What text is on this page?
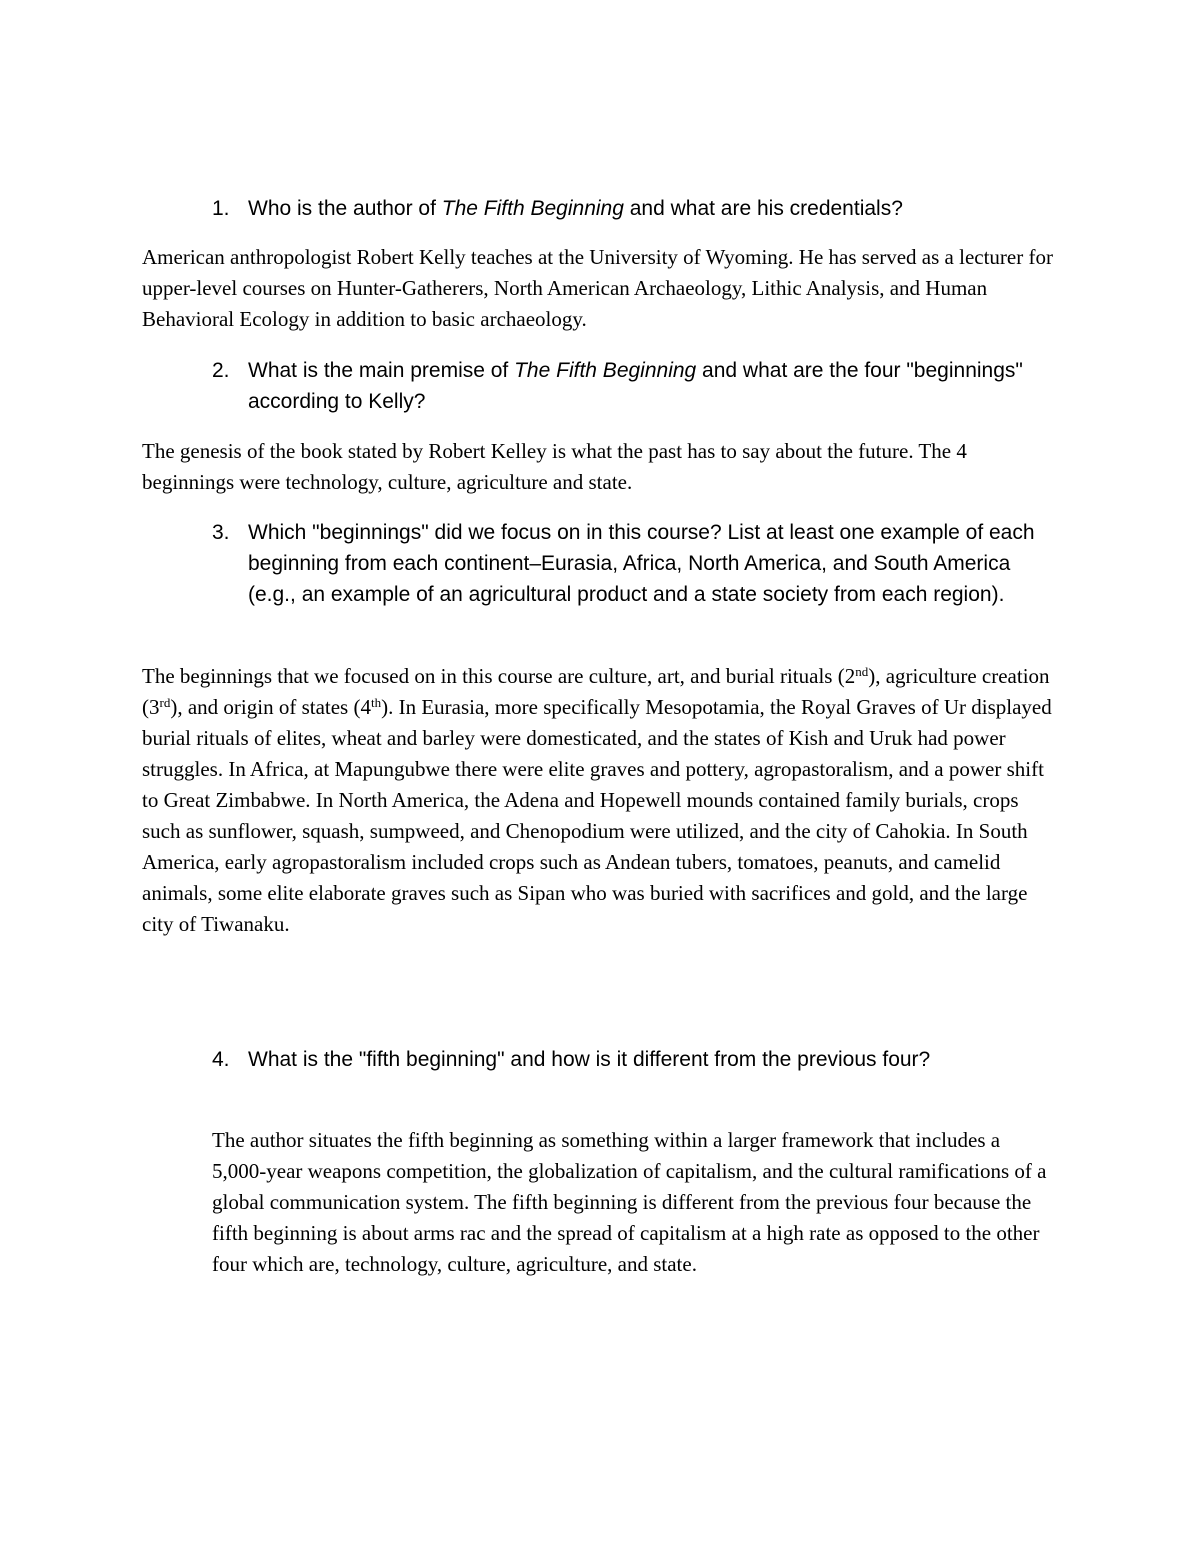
1. Who is the author of The Fifth Beginning and what are his credentials?
American anthropologist Robert Kelly teaches at the University of Wyoming. He has served as a lecturer for upper-level courses on Hunter-Gatherers, North American Archaeology, Lithic Analysis, and Human Behavioral Ecology in addition to basic archaeology.
2. What is the main premise of The Fifth Beginning and what are the four "beginnings" according to Kelly?
The genesis of the book stated by Robert Kelley is what the past has to say about the future. The 4 beginnings were technology, culture, agriculture and state.
3. Which "beginnings" did we focus on in this course? List at least one example of each beginning from each continent–Eurasia, Africa, North America, and South America (e.g., an example of an agricultural product and a state society from each region).
The beginnings that we focused on in this course are culture, art, and burial rituals (2nd), agriculture creation (3rd), and origin of states (4th). In Eurasia, more specifically Mesopotamia, the Royal Graves of Ur displayed burial rituals of elites, wheat and barley were domesticated, and the states of Kish and Uruk had power struggles. In Africa, at Mapungubwe there were elite graves and pottery, agropastoralism, and a power shift to Great Zimbabwe. In North America, the Adena and Hopewell mounds contained family burials, crops such as sunflower, squash, sumpweed, and Chenopodium were utilized, and the city of Cahokia. In South America, early agropastoralism included crops such as Andean tubers, tomatoes, peanuts, and camelid animals, some elite elaborate graves such as Sipan who was buried with sacrifices and gold, and the large city of Tiwanaku.
4. What is the "fifth beginning" and how is it different from the previous four?
The author situates the fifth beginning as something within a larger framework that includes a 5,000-year weapons competition, the globalization of capitalism, and the cultural ramifications of a global communication system. The fifth beginning is different from the previous four because the fifth beginning is about arms rac and the spread of capitalism at a high rate as opposed to the other four which are, technology, culture, agriculture, and state.
